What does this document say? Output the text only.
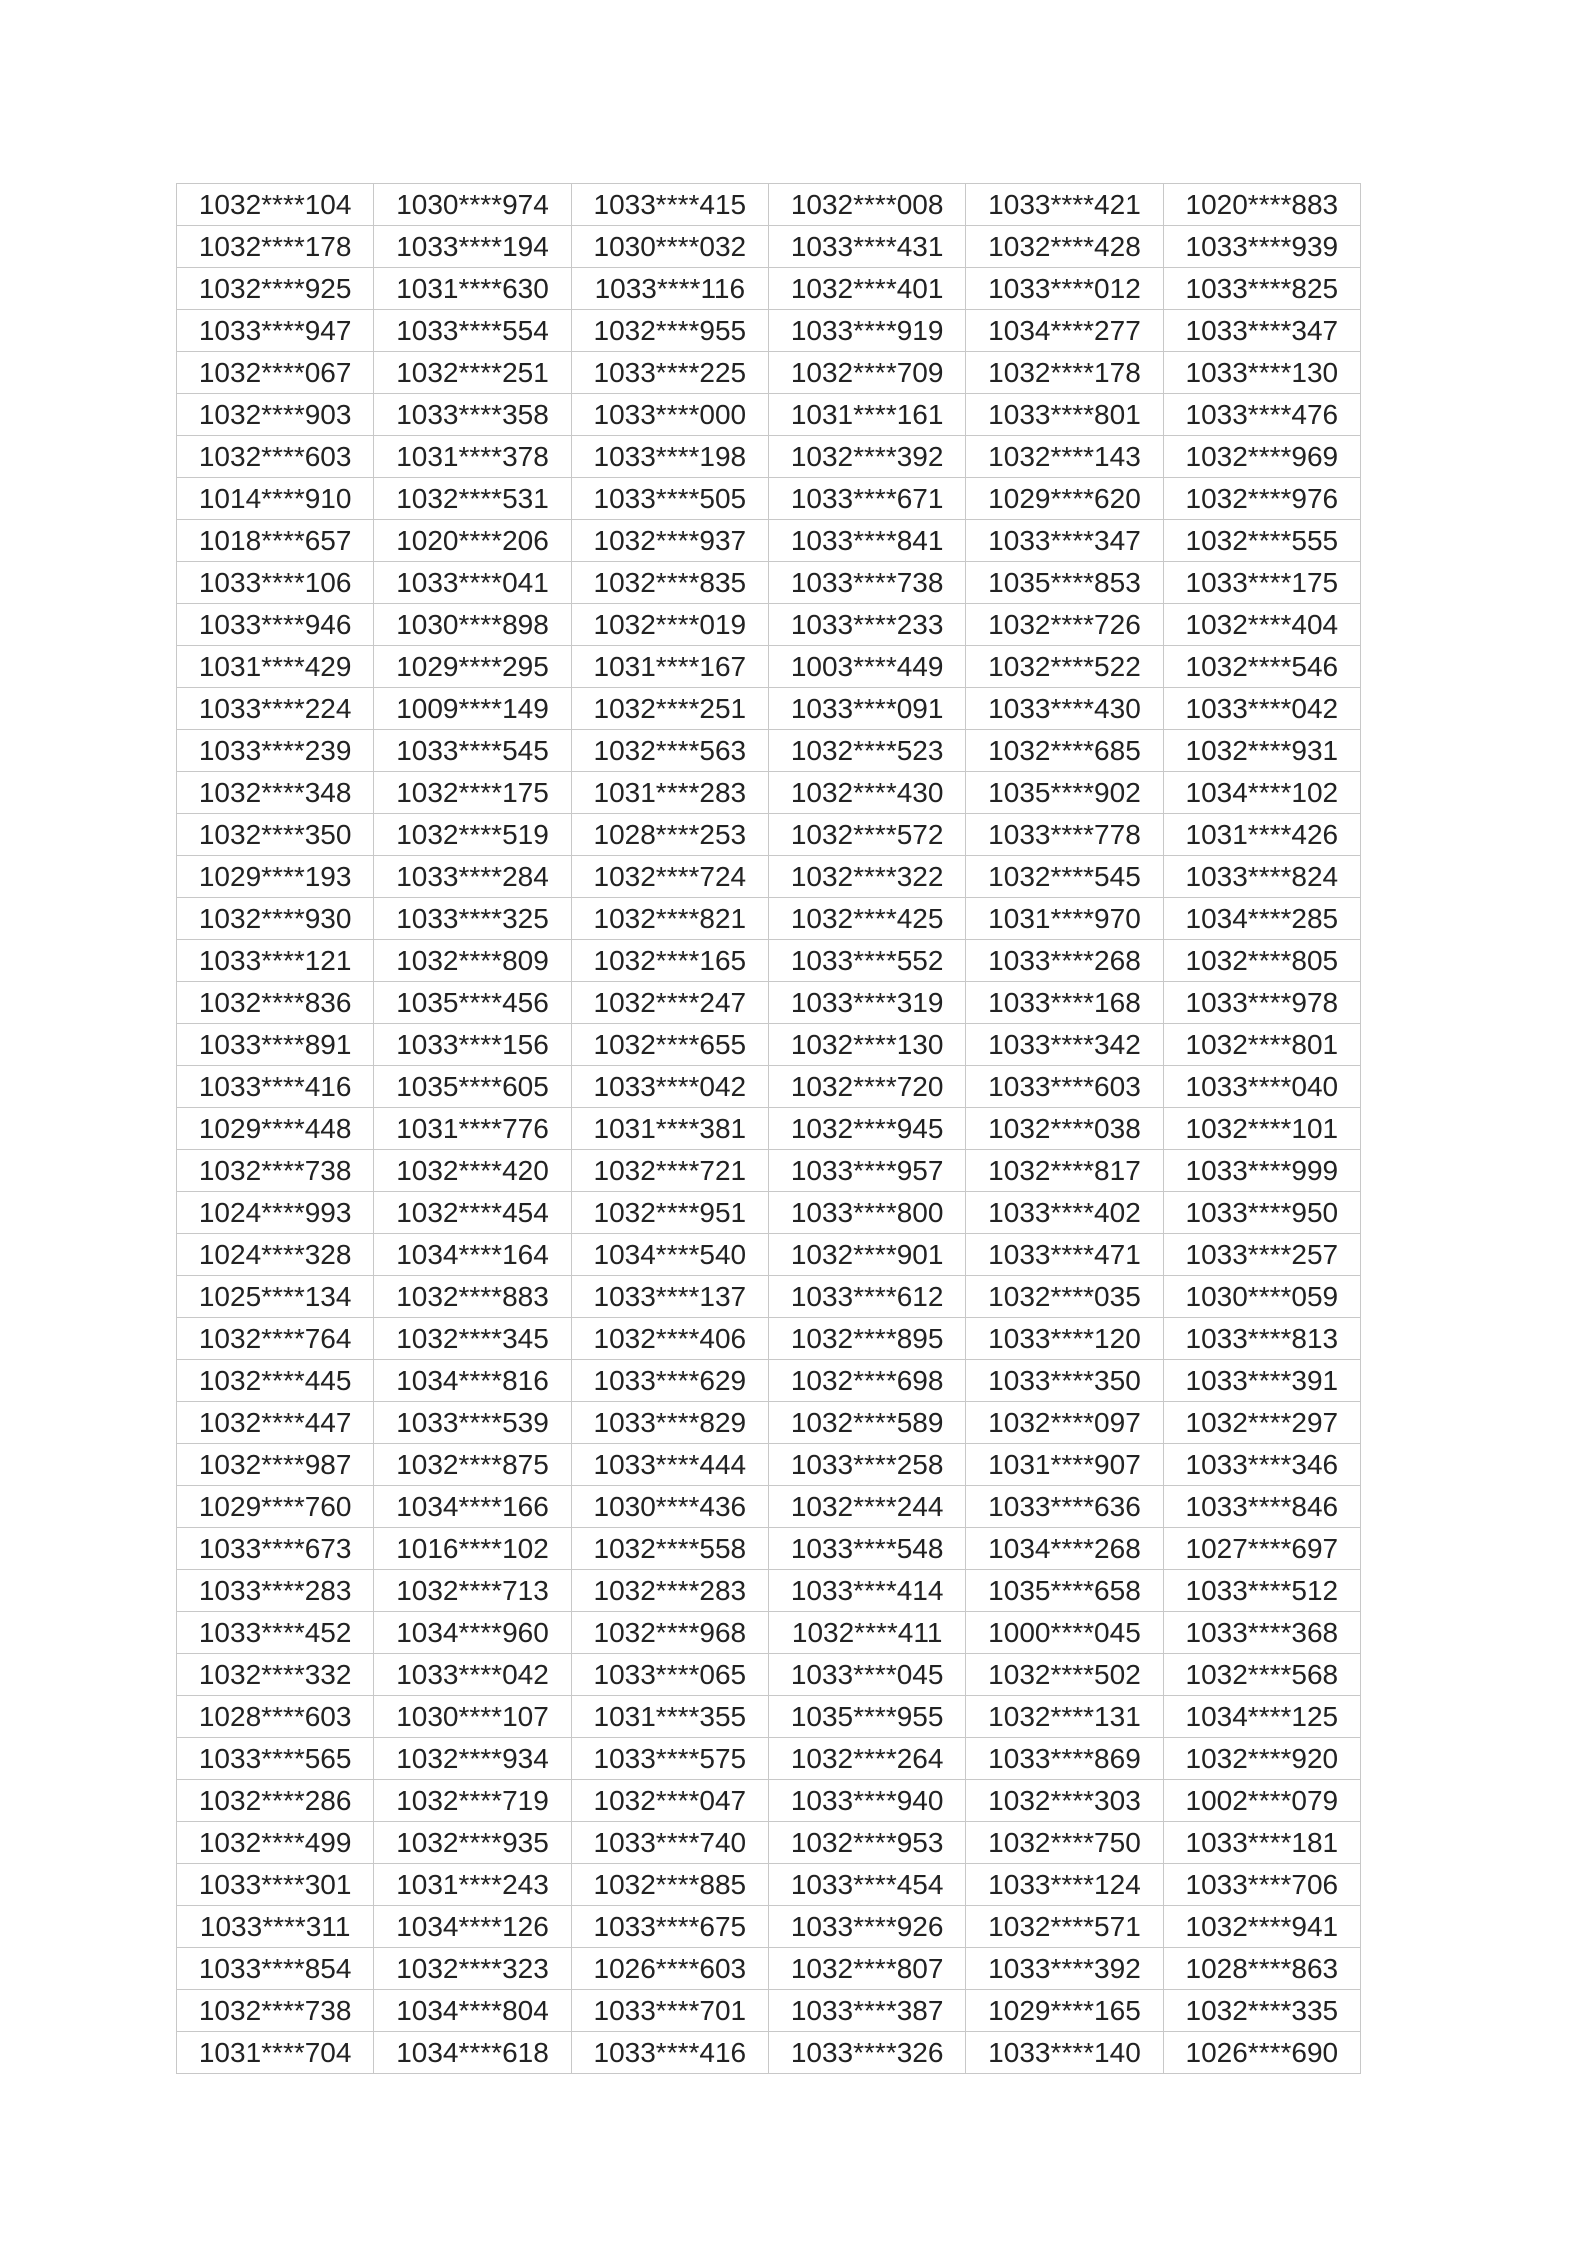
1032****104	1030****974	1033****415	1032****008	1033****421	1020****883
1032****178	1033****194	1030****032	1033****431	1032****428	1033****939
1032****925	1031****630	1033****116	1032****401	1033****012	1033****825
1033****947	1033****554	1032****955	1033****919	1034****277	1033****347
1032****067	1032****251	1033****225	1032****709	1032****178	1033****130
1032****903	1033****358	1033****000	1031****161	1033****801	1033****476
1032****603	1031****378	1033****198	1032****392	1032****143	1032****969
1014****910	1032****531	1033****505	1033****671	1029****620	1032****976
1018****657	1020****206	1032****937	1033****841	1033****347	1032****555
1033****106	1033****041	1032****835	1033****738	1035****853	1033****175
1033****946	1030****898	1032****019	1033****233	1032****726	1032****404
1031****429	1029****295	1031****167	1003****449	1032****522	1032****546
1033****224	1009****149	1032****251	1033****091	1033****430	1033****042
1033****239	1033****545	1032****563	1032****523	1032****685	1032****931
1032****348	1032****175	1031****283	1032****430	1035****902	1034****102
1032****350	1032****519	1028****253	1032****572	1033****778	1031****426
1029****193	1033****284	1032****724	1032****322	1032****545	1033****824
1032****930	1033****325	1032****821	1032****425	1031****970	1034****285
1033****121	1032****809	1032****165	1033****552	1033****268	1032****805
1032****836	1035****456	1032****247	1033****319	1033****168	1033****978
1033****891	1033****156	1032****655	1032****130	1033****342	1032****801
1033****416	1035****605	1033****042	1032****720	1033****603	1033****040
1029****448	1031****776	1031****381	1032****945	1032****038	1032****101
1032****738	1032****420	1032****721	1033****957	1032****817	1033****999
1024****993	1032****454	1032****951	1033****800	1033****402	1033****950
1024****328	1034****164	1034****540	1032****901	1033****471	1033****257
1025****134	1032****883	1033****137	1033****612	1032****035	1030****059
1032****764	1032****345	1032****406	1032****895	1033****120	1033****813
1032****445	1034****816	1033****629	1032****698	1033****350	1033****391
1032****447	1033****539	1033****829	1032****589	1032****097	1032****297
1032****987	1032****875	1033****444	1033****258	1031****907	1033****346
1029****760	1034****166	1030****436	1032****244	1033****636	1033****846
1033****673	1016****102	1032****558	1033****548	1034****268	1027****697
1033****283	1032****713	1032****283	1033****414	1035****658	1033****512
1033****452	1034****960	1032****968	1032****411	1000****045	1033****368
1032****332	1033****042	1033****065	1033****045	1032****502	1032****568
1028****603	1030****107	1031****355	1035****955	1032****131	1034****125
1033****565	1032****934	1033****575	1032****264	1033****869	1032****920
1032****286	1032****719	1032****047	1033****940	1032****303	1002****079
1032****499	1032****935	1033****740	1032****953	1032****750	1033****181
1033****301	1031****243	1032****885	1033****454	1033****124	1033****706
1033****311	1034****126	1033****675	1033****926	1032****571	1032****941
1033****854	1032****323	1026****603	1032****807	1033****392	1028****863
1032****738	1034****804	1033****701	1033****387	1029****165	1032****335
1031****704	1034****618	1033****416	1033****326	1033****140	1026****690
